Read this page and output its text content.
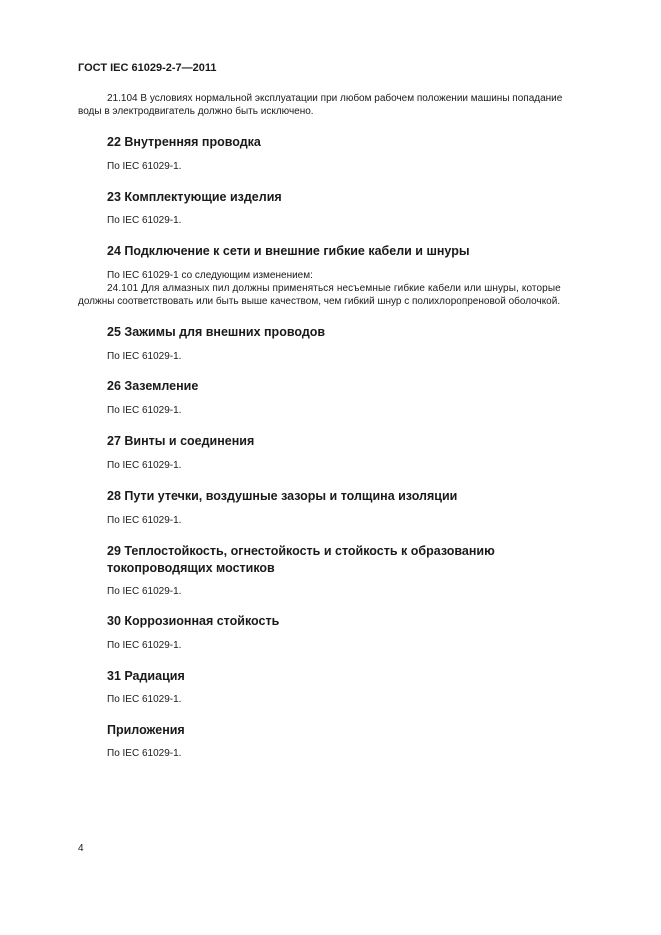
ГОСТ IEC 61029-2-7—2011
21.104 В условиях нормальной эксплуатации при любом рабочем положении машины попадание
воды в электродвигатель должно быть исключено.
22 Внутренняя проводка
По IEC 61029-1.
23 Комплектующие изделия
По IEC 61029-1.
24 Подключение к сети и внешние гибкие кабели и шнуры
По IEC 61029-1 со следующим изменением:
24.101 Для алмазных пил должны применяться несъемные гибкие кабели или шнуры, которые
должны соответствовать или быть выше качеством, чем гибкий шнур с полихлоропреновой оболочкой.
25 Зажимы для внешних проводов
По IEC 61029-1.
26 Заземление
По IEC 61029-1.
27 Винты и соединения
По IEC 61029-1.
28 Пути утечки, воздушные зазоры и толщина изоляции
По IEC 61029-1.
29 Теплостойкость, огнестойкость и стойкость к образованию
токопроводящих мостиков
По IEC 61029-1.
30 Коррозионная стойкость
По IEC 61029-1.
31 Радиация
По IEC 61029-1.
Приложения
По IEC 61029-1.
4
